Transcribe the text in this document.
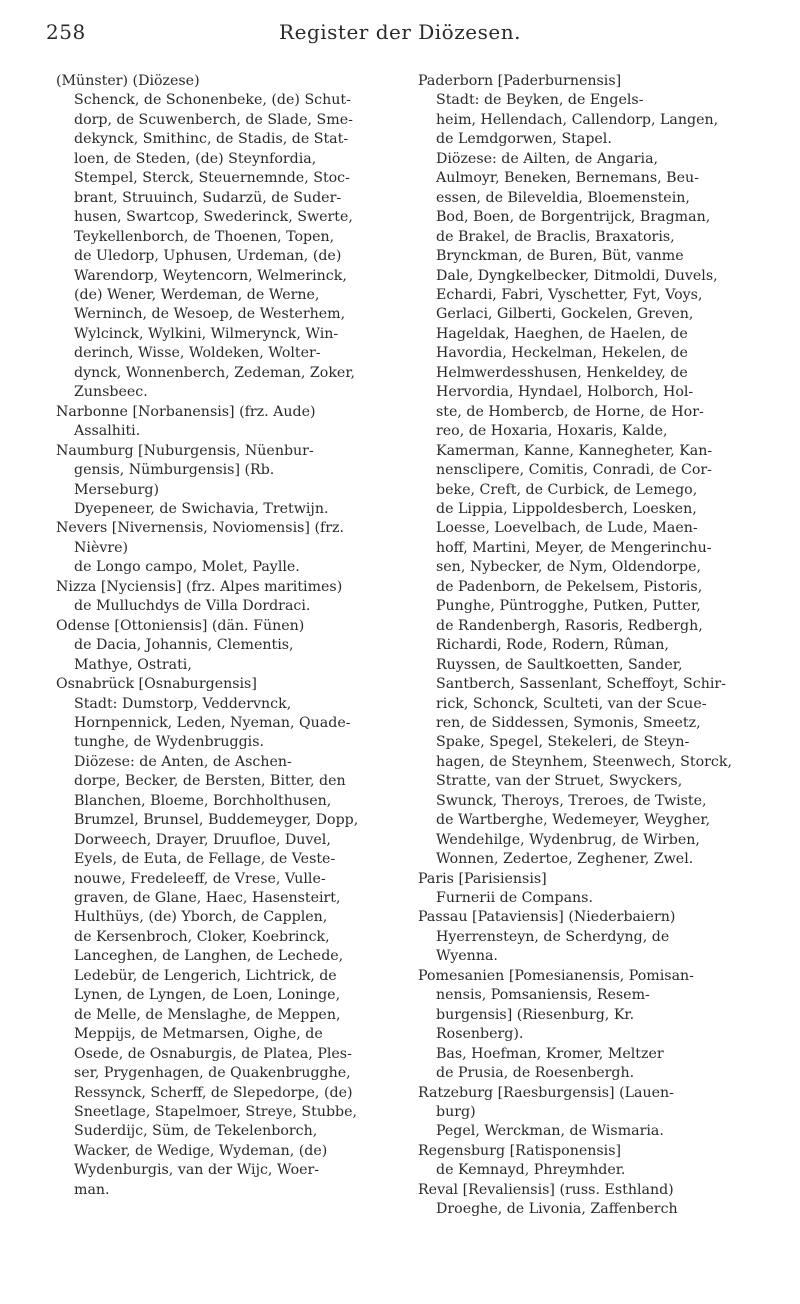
258	Register der Diözesen.
(Münster) (Diözese)
Schenck, de Schonenbeke, (de) Schut-
dorp, de Scuwenberch, de Slade, Sme-
dekynck, Smithinc, de Stadis, de Stat-
loen, de Steden, (de) Steynfordia,
Stempel, Sterck, Steuernemnde, Stoc-
brant, Struuinch, Sudarzü, de Suder-
husen, Swartcop, Swederinck, Swerte,
Teykellenborch, de Thoenen, Topen,
de Uledorp, Uphusen, Urdeman, (de)
Warendorp, Weytencorn, Welmerinck,
(de) Wener, Werdeman, de Werne,
Werninch, de Wesoep, de Westerhem,
Wylcinck, Wylkini, Wilmerynck, Win-
derinch, Wisse, Woldeken, Wolter-
dynck, Wonnenberch, Zedeman, Zoker,
Zunsbeec.
Narbonne [Norbanensis] (frz. Aude)
Assalhiti.
Naumburg [Nuburgensis, Nüenbur-
gensis, Nümburgensis] (Rb.
Merseburg)
Dyepeneer, de Swichavia, Tretwijn.
Nevers [Nivernensis, Noviomensis] (frz.
Nièvre)
de Longo campo, Molet, Paylle.
Nizza [Nyciensis] (frz. Alpes maritimes)
de Mulluchdys de Villa Dordraci.
Odense [Ottoniensis] (dän. Fünen)
de Dacia, Johannis, Clementis,
Mathye, Ostrati,
Osnabrück [Osnaburgensis]
Stadt: Dumstorp, Veddervnck,
Hornpennick, Leden, Nyeman, Quade-
tunghe, de Wydenbruggis.
Diözese: de Anten, de Aschen-
dorpe, Becker, de Bersten, Bitter, den
Blanchen, Bloeme, Borchholthusen,
Brumzel, Brunsel, Buddemeyger, Dopp,
Dorweech, Drayer, Druufloe, Duvel,
Eyels, de Euta, de Fellage, de Veste-
nouwe, Fredeleeff, de Vrese, Vulle-
graven, de Glane, Haec, Hasensteirt,
Hulthüys, (de) Yborch, de Capplen,
de Kersenbroch, Cloker, Koebrinck,
Lanceghen, de Langhen, de Lechede,
Ledebür, de Lengerich, Lichtrick, de
Lynen, de Lyngen, de Loen, Loninge,
de Melle, de Menslaghe, de Meppen,
Meppijs, de Metmarsen, Oighe, de
Osede, de Osnaburgis, de Platea, Ples-
ser, Prygenhagen, de Quakenbrugghe,
Ressynck, Scherff, de Slepedorpe, (de)
Sneetlage, Stapelmoer, Streye, Stubbe,
Suderdijc, Süm, de Tekelenborch,
Wacker, de Wedige, Wydeman, (de)
Wydenburgis, van der Wijc, Woer-
man.
Paderborn [Paderburnensis]
Stadt: de Beyken, de Engels-
heim, Hellendach, Callendorp, Langen,
de Lemdgorwen, Stapel.
Diözese: de Ailten, de Angaria,
Aulmoyr, Beneken, Bernemans, Beu-
essen, de Bileveldia, Bloemenstein,
Bod, Boen, de Borgentrijck, Bragman,
de Brakel, de Braclis, Braxatoris,
Brynckman, de Buren, Büt, vanme
Dale, Dyngkelbecker, Ditmoldi, Duvels,
Echardi, Fabri, Vyschetter, Fyt, Voys,
Gerlaci, Gilberti, Gockelen, Greven,
Hageldak, Haeghen, de Haelen, de
Havordia, Heckelman, Hekelen, de
Helmwerdesshusen, Henkeldey, de
Hervordia, Hyndael, Holborch, Hol-
ste, de Hombercb, de Horne, de Hor-
reo, de Hoxaria, Hoxaris, Kalde,
Kamerman, Kanne, Kannegheter, Kan-
nensclipere, Comitis, Conradi, de Cor-
beke, Creft, de Curbick, de Lemego,
de Lippia, Lippoldesberch, Loesken,
Loesse, Loevelbach, de Lude, Maen-
hoff, Martini, Meyer, de Mengerinchu-
sen, Nybecker, de Nym, Oldendorpe,
de Padenborn, de Pekelsem, Pistoris,
Punghe, Püntrogghe, Putken, Putter,
de Randenbergh, Rasoris, Redbergh,
Richardi, Rode, Rodern, Rûman,
Ruyssen, de Saultkoetten, Sander,
Santberch, Sassenlant, Scheffoyt, Schir-
rick, Schonck, Sculteti, van der Scue-
ren, de Siddessen, Symonis, Smeetz,
Spake, Spegel, Stekeleri, de Steyn-
hagen, de Steynhem, Steenwech, Storck,
Stratte, van der Struet, Swyckers,
Swunck, Theroys, Treroes, de Twiste,
de Wartberghe, Wedemeyer, Weygher,
Wendehilge, Wydenbrug, de Wirben,
Wonnen, Zedertoe, Zeghener, Zwel.
Paris [Parisiensis]
Furnerii de Compans.
Passau [Pataviensis] (Niederbaiern)
Hyerrensteyn, de Scherdyng, de
Wyenna.
Pomesanien [Pomesianensis, Pomisan-
nensis, Pomsaniensis, Resem-
burgensis] (Riesenburg, Kr.
Rosenberg).
Bas, Hoefman, Kromer, Meltzer
de Prusia, de Roesenbergh.
Ratzeburg [Raesburgensis] (Lauen-
burg)
Pegel, Werckman, de Wismaria.
Regensburg [Ratisponensis]
de Kemnayd, Phreymhder.
Reval [Revaliensis] (russ. Esthland)
Droeghe, de Livonia, Zaffenberch
